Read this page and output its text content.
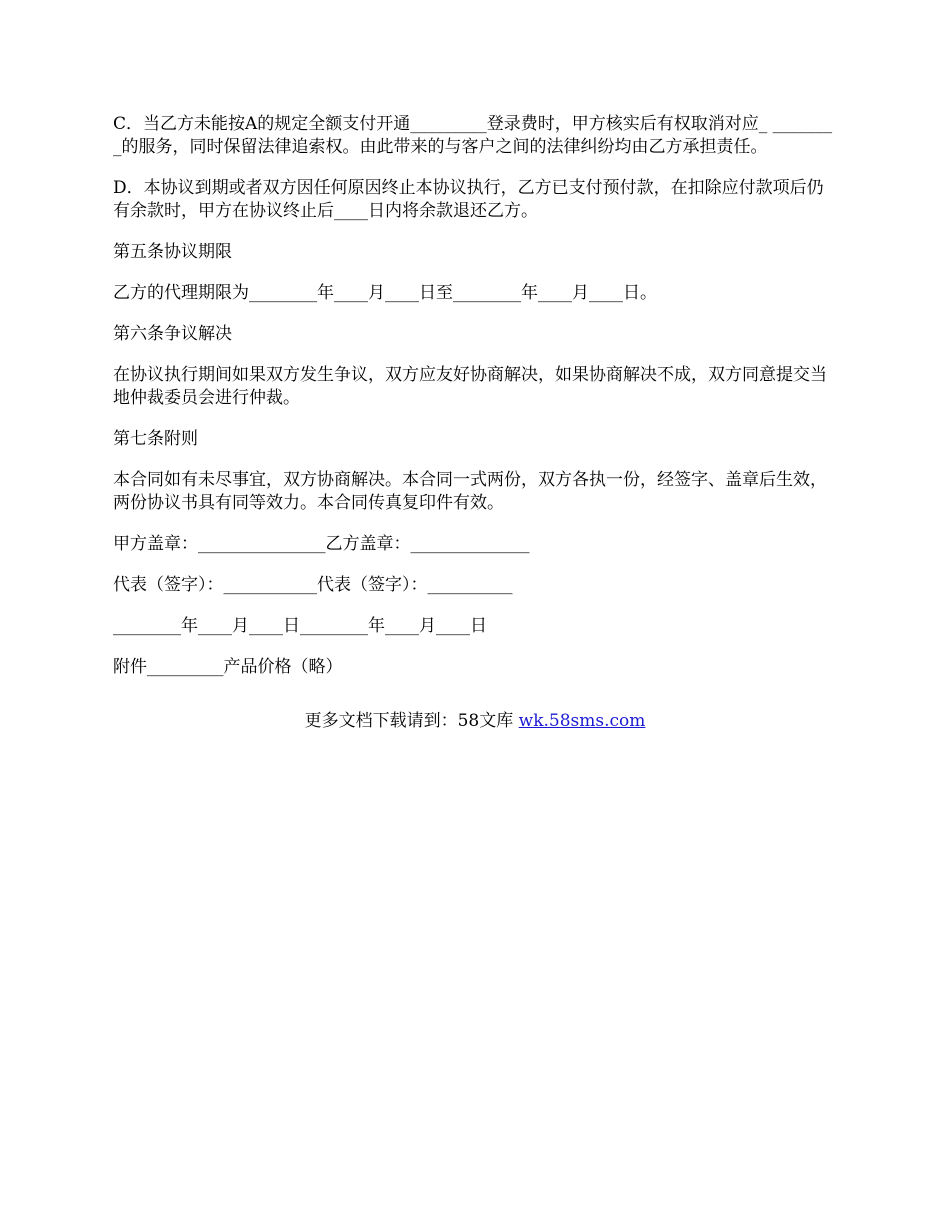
C．当乙方未能按A的规定全额支付开通_________登录费时，甲方核实后有权取消对应_ ________的服务，同时保留法律追索权。由此带来的与客户之间的法律纠纷均由乙方承担责任。

D．本协议到期或者双方因任何原因终止本协议执行，乙方已支付预付款，在扣除应付款项后仍有余款时，甲方在协议终止后____日内将余款退还乙方。

第五条协议期限

乙方的代理期限为________年____月____日至________年____月____日。

第六条争议解决

在协议执行期间如果双方发生争议，双方应友好协商解决，如果协商解决不成，双方同意提交当地仲裁委员会进行仲裁。

第七条附则

本合同如有未尽事宜，双方协商解决。本合同一式两份，双方各执一份，经签字、盖章后生效，两份协议书具有同等效力。本合同传真复印件有效。

甲方盖章：_______________乙方盖章：______________

代表（签字）：___________代表（签字）：__________

________年____月____日________年____月____日

附件_________产品价格（略）

更多文档下载请到：58文库 wk.58sms.com
